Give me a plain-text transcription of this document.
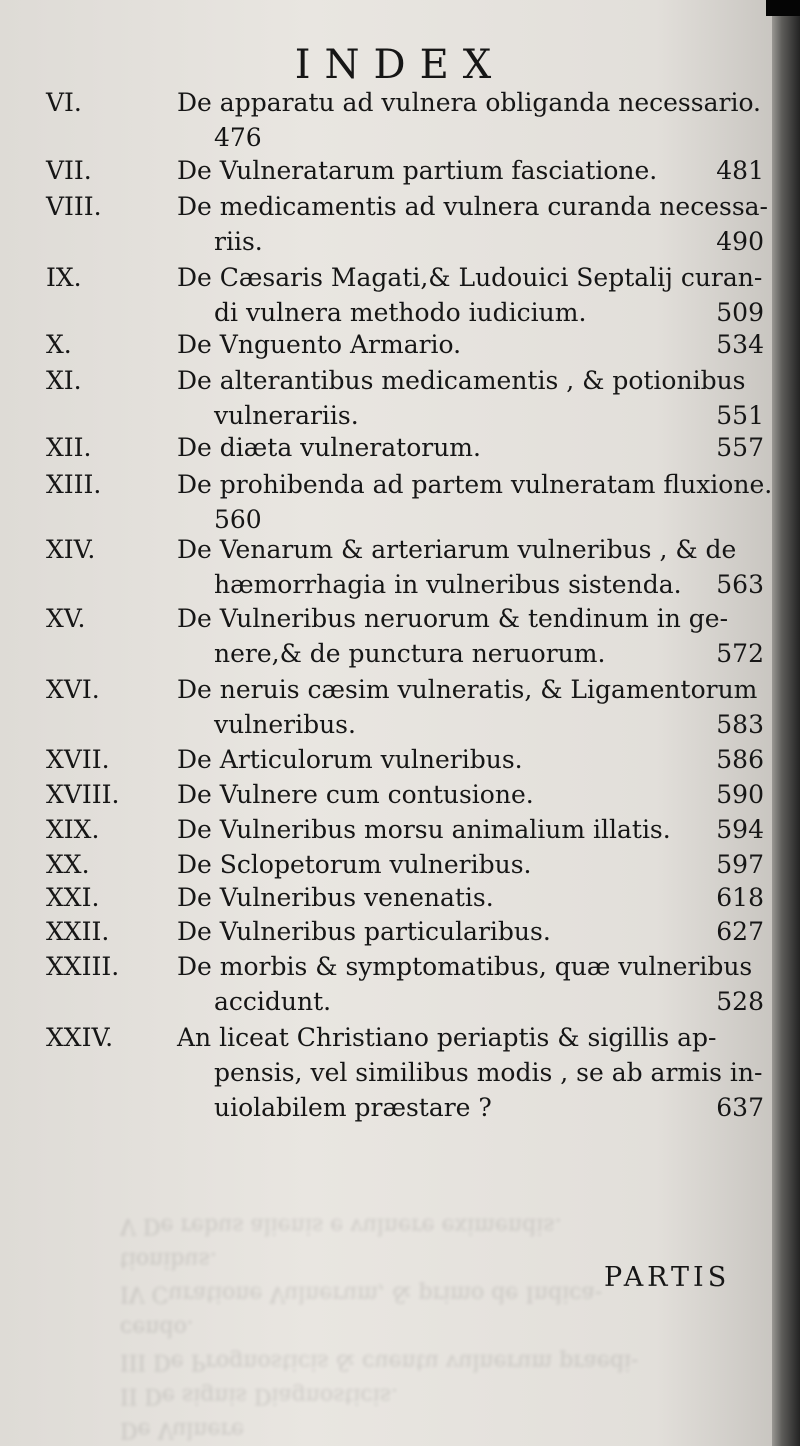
De Vulnere
II De signis Diagnosticis.
III De Prognosticis & cuentu vulnerum praedi-
cendo.
IV Curatione Vulnerum, & primo de Indica-
tionibus.
V De rebus alienis e vulnere eximendis.
INDEX
VI.	De apparatu ad vulnera obliganda necessario.
476
VII.	De Vulneratarum partium fasciatione. 481
VIII.	De medicamentis ad vulnera curanda necessa-
riis.	490
IX.	De Cæsaris Magati,& Ludouici Septalij curan-
di vulnera methodo iudicium.	509
X.	De Vnguento Armario.	534
XI.	De alterantibus medicamentis , & potionibus
vulnerariis.	551
XII.	De diæta vulneratorum.	557
XIII.	De prohibenda ad partem vulneratam fluxione.
560
XIV.	De Venarum & arteriarum vulneribus , & de
hæmorrhagia in vulneribus sistenda. 563
XV.	De Vulneribus neruorum & tendinum in ge-
nere,& de punctura neruorum.	572
XVI.	De neruis cæsim vulneratis, & Ligamentorum
vulneribus.	583
XVII.	De Articulorum vulneribus.	586
XVIII. De Vulnere cum contusione.	590
XIX.	De Vulneribus morsu animalium illatis. 594
XX.	De Sclopetorum vulneribus.	597
XXI.	De Vulneribus venenatis.	618
XXII.	De Vulneribus particularibus.	627
XXIII. De morbis & symptomatibus, quæ vulneribus
accidunt.	528
XXIV.	An liceat Christiano periaptis & sigillis ap-
pensis, vel similibus modis , se ab armis in-
uiolabilem præstare ?	637
PARTIS
